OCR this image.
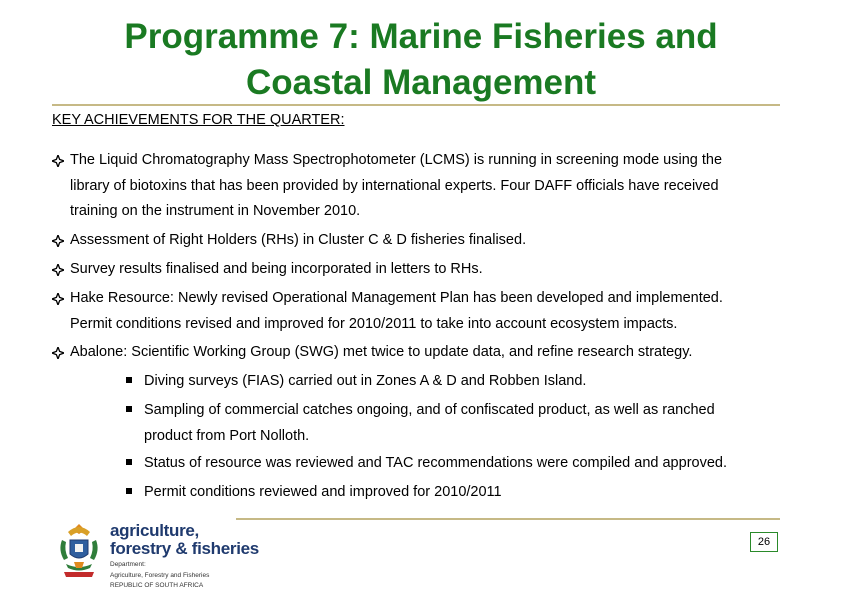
Programme 7: Marine Fisheries and
Coastal Management
KEY ACHIEVEMENTS FOR THE QUARTER:
The Liquid Chromatography Mass Spectrophotometer (LCMS) is running in screening mode using the
library of biotoxins that has been provided by international experts. Four DAFF officials have received
training on the instrument in November 2010.
Assessment of Right Holders (RHs) in Cluster C & D fisheries finalised.
Survey results finalised and being incorporated in letters to RHs.
Hake Resource: Newly revised Operational Management Plan has been developed and implemented.
Permit conditions revised and improved for 2010/2011 to take into account ecosystem impacts.
Abalone: Scientific Working Group (SWG) met twice to update data, and refine research strategy.
Diving surveys (FIAS) carried out in Zones A & D and Robben Island.
Sampling of commercial catches ongoing, and of confiscated product, as well as ranched
product from Port Nolloth.
Status of resource was reviewed and TAC recommendations were compiled and approved.
Permit conditions reviewed and improved for 2010/2011
agriculture,
forestry & fisheries
Department:
Agriculture, Forestry and Fisheries
REPUBLIC OF SOUTH AFRICA
26
